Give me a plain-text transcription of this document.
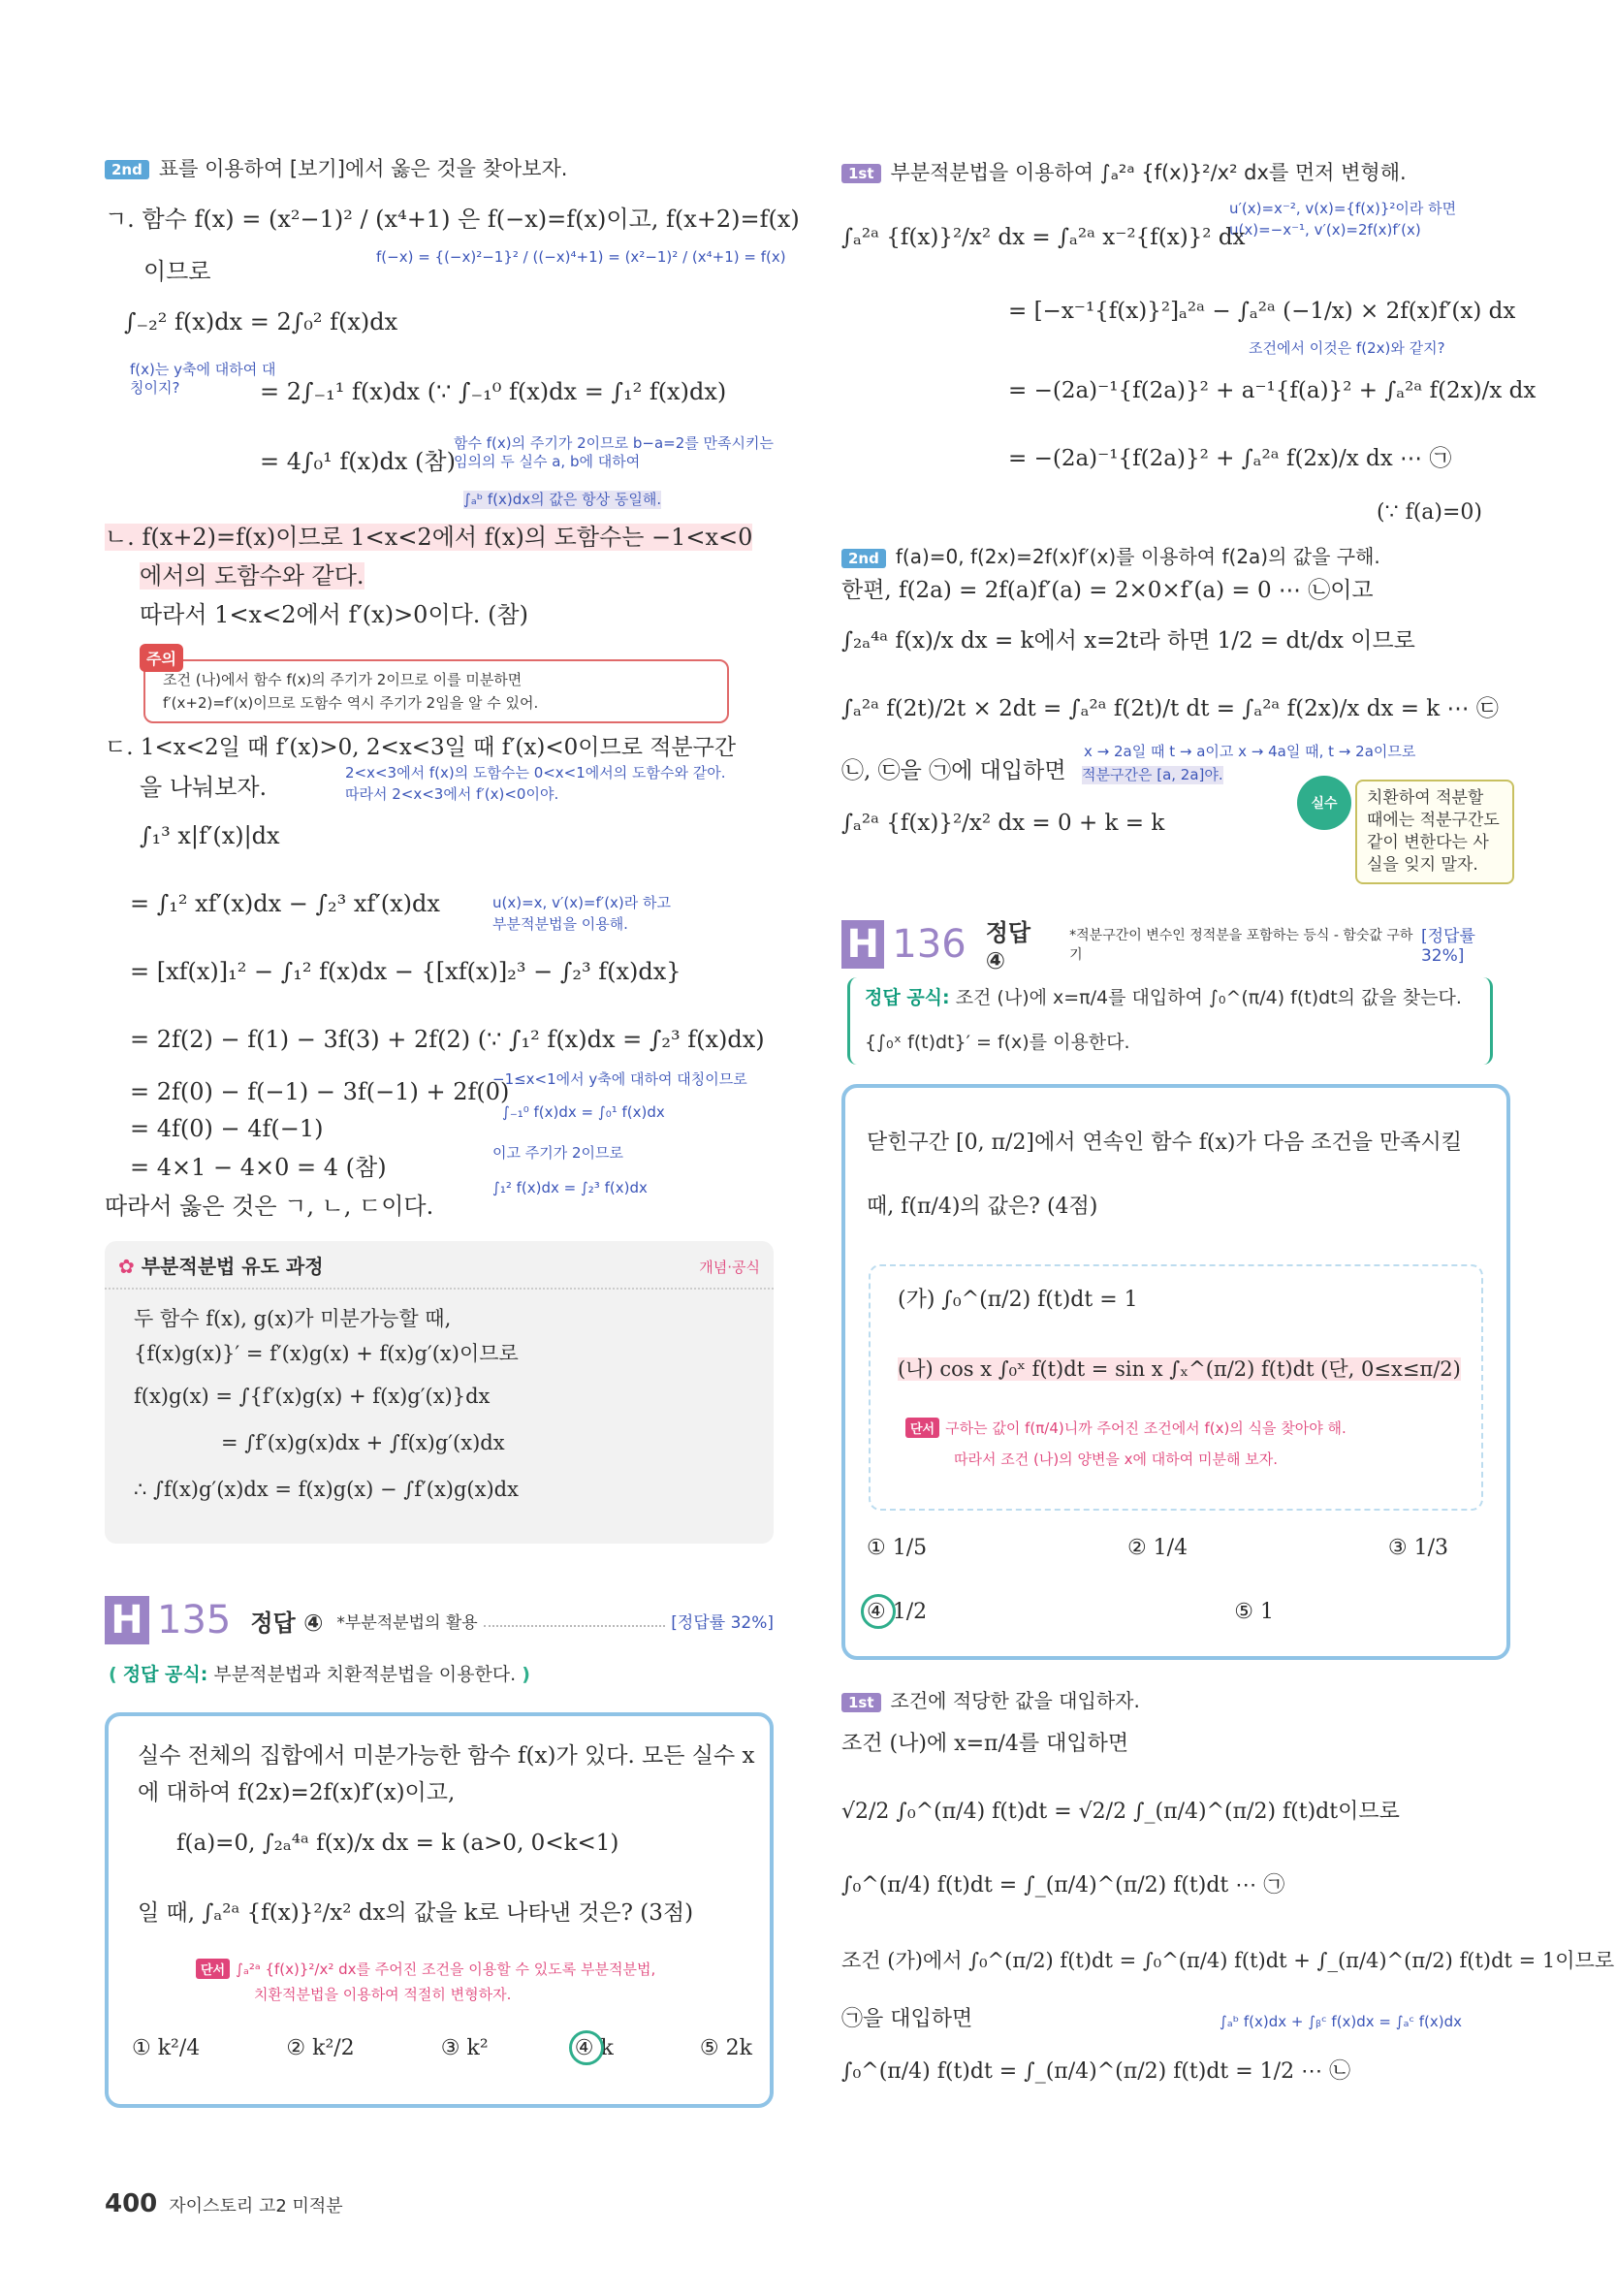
2nd 표를 이용하여 [보기]에서 옳은 것을 찾아보자.
ㄱ. 함수 f(x) = (x²−1)² / (x⁴+1) 은 f(−x)=f(x)이고, f(x+2)=f(x)
f(−x) = {(−x)²−1}² / ((−x)⁴+1) = (x²−1)² / (x⁴+1) = f(x)
이므로
∫₋₂² f(x)dx = 2∫₀² f(x)dx
f(x)는 y축에 대하여 대칭이지?	= 2∫₋₁¹ f(x)dx (∵ ∫₋₁⁰ f(x)dx = ∫₁² f(x)dx)
함수 f(x)의 주기가 2이므로 b−a=2를 만족시키는 임의의 두 실수 a, b에 대하여
= 4∫₀¹ f(x)dx (참)
∫ₐᵇ f(x)dx의 값은 항상 동일해.
ㄴ. f(x+2)=f(x)이므로 1<x<2에서 f(x)의 도함수는 −1<x<0
에서의 도함수와 같다.
따라서 1<x<2에서 f′(x)>0이다. (참)
주의
조건 (나)에서 함수 f(x)의 주기가 2이므로 이를 미분하면
f′(x+2)=f′(x)이므로 도함수 역시 주기가 2임을 알 수 있어.
ㄷ. 1<x<2일 때 f′(x)>0, 2<x<3일 때 f′(x)<0이므로 적분구간
을 나눠보자.
2<x<3에서 f(x)의 도함수는 0<x<1에서의 도함수와 같아.
따라서 2<x<3에서 f′(x)<0이야.
∫₁³ x|f′(x)|dx
= ∫₁² xf′(x)dx − ∫₂³ xf′(x)dx	u(x)=x, v′(x)=f′(x)라 하고
부분적분법을 이용해.
= [xf(x)]₁² − ∫₁² f(x)dx − {[xf(x)]₂³ − ∫₂³ f(x)dx}
= 2f(2) − f(1) − 3f(3) + 2f(2) (∵ ∫₁² f(x)dx = ∫₂³ f(x)dx)
= 2f(0) − f(−1) − 3f(−1) + 2f(0)
−1≤x<1에서 y축에 대하여 대칭이므로
∫₋₁⁰ f(x)dx = ∫₀¹ f(x)dx
= 4f(0) − 4f(−1)
이고 주기가 2이므로
= 4×1 − 4×0 = 4 (참)
∫₁² f(x)dx = ∫₂³ f(x)dx
따라서 옳은 것은 ㄱ, ㄴ, ㄷ이다.
✿ 부분적분법 유도 과정	개념·공식
두 함수 f(x), g(x)가 미분가능할 때,
{f(x)g(x)}′ = f′(x)g(x) + f(x)g′(x)이므로
f(x)g(x) = ∫{f′(x)g(x) + f(x)g′(x)}dx
= ∫f′(x)g(x)dx + ∫f(x)g′(x)dx
∴ ∫f(x)g′(x)dx = f(x)g(x) − ∫f′(x)g(x)dx
H 135 정답 ④ *부분적분법의 활용	[정답률 32%]
( 정답 공식: 부분적분법과 치환적분법을 이용한다. )
실수 전체의 집합에서 미분가능한 함수 f(x)가 있다. 모든 실수 x
에 대하여 f(2x)=2f(x)f′(x)이고,
f(a)=0, ∫₂ₐ⁴ᵃ f(x)/x dx = k (a>0, 0<k<1)
일 때, ∫ₐ²ᵃ {f(x)}²/x² dx의 값을 k로 나타낸 것은? (3점)
단서 ∫ₐ²ᵃ {f(x)}²/x² dx를 주어진 조건을 이용할 수 있도록 부분적분법,
치환적분법을 이용하여 적절히 변형하자.
① k²/4	② k²/2	③ k²	④ k	⑤ 2k
1st 부분적분법을 이용하여 ∫ₐ²ᵃ {f(x)}²/x² dx를 먼저 변형해.
u′(x)=x⁻², v(x)={f(x)}²이라 하면
u(x)=−x⁻¹, v′(x)=2f(x)f′(x)
∫ₐ²ᵃ {f(x)}²/x² dx = ∫ₐ²ᵃ x⁻²{f(x)}² dx
= [−x⁻¹{f(x)}²]ₐ²ᵃ − ∫ₐ²ᵃ (−1/x) × 2f(x)f′(x) dx
조건에서 이것은 f(2x)와 같지?
= −(2a)⁻¹{f(2a)}² + a⁻¹{f(a)}² + ∫ₐ²ᵃ f(2x)/x dx
= −(2a)⁻¹{f(2a)}² + ∫ₐ²ᵃ f(2x)/x dx ⋯ ㉠
(∵ f(a)=0)
2nd f(a)=0, f(2x)=2f(x)f′(x)를 이용하여 f(2a)의 값을 구해.
한편, f(2a) = 2f(a)f′(a) = 2×0×f′(a) = 0 ⋯ ㉡이고
∫₂ₐ⁴ᵃ f(x)/x dx = k에서 x=2t라 하면 1/2 = dt/dx 이므로
∫ₐ²ᵃ f(2t)/2t × 2dt = ∫ₐ²ᵃ f(2t)/t dt = ∫ₐ²ᵃ f(2x)/x dx = k ⋯ ㉢
x → 2a일 때 t → a이고 x → 4a일 때, t → 2a이므로
㉡, ㉢을 ㉠에 대입하면 적분구간은 [a, 2a]야.
∫ₐ²ᵃ {f(x)}²/x² dx = 0 + k = k
실수	치환하여 적분할 때에는 적분구간도 같이 변한다는 사실을 잊지 말자.
H 136 정답 ④
*적분구간이 변수인 정적분을 포함하는 등식 - 함숫값 구하기
[정답률 32%]
정답 공식: 조건 (나)에 x=π/4를 대입하여 ∫₀^(π/4) f(t)dt의 값을 찾는다.
{∫₀ˣ f(t)dt}′ = f(x)를 이용한다.
닫힌구간 [0, π/2]에서 연속인 함수 f(x)가 다음 조건을 만족시킬
때, f(π/4)의 값은? (4점)
(가) ∫₀^(π/2) f(t)dt = 1
(나) cos x ∫₀ˣ f(t)dt = sin x ∫ₓ^(π/2) f(t)dt (단, 0≤x≤π/2)
단서 구하는 값이 f(π/4)니까 주어진 조건에서 f(x)의 식을 찾아야 해.
따라서 조건 (나)의 양변을 x에 대하여 미분해 보자.
① 1/5	② 1/4	③ 1/3
④ 1/2	⑤ 1
1st 조건에 적당한 값을 대입하자.
조건 (나)에 x=π/4를 대입하면
√2/2 ∫₀^(π/4) f(t)dt = √2/2 ∫_(π/4)^(π/2) f(t)dt이므로
∫₀^(π/4) f(t)dt = ∫_(π/4)^(π/2) f(t)dt ⋯ ㉠
조건 (가)에서 ∫₀^(π/2) f(t)dt = ∫₀^(π/4) f(t)dt + ∫_(π/4)^(π/2) f(t)dt = 1이므로
㉠을 대입하면	∫ₐᵇ f(x)dx + ∫ᵦᶜ f(x)dx = ∫ₐᶜ f(x)dx
∫₀^(π/4) f(t)dt = ∫_(π/4)^(π/2) f(t)dt = 1/2 ⋯ ㉡
400 자이스토리 고2 미적분
